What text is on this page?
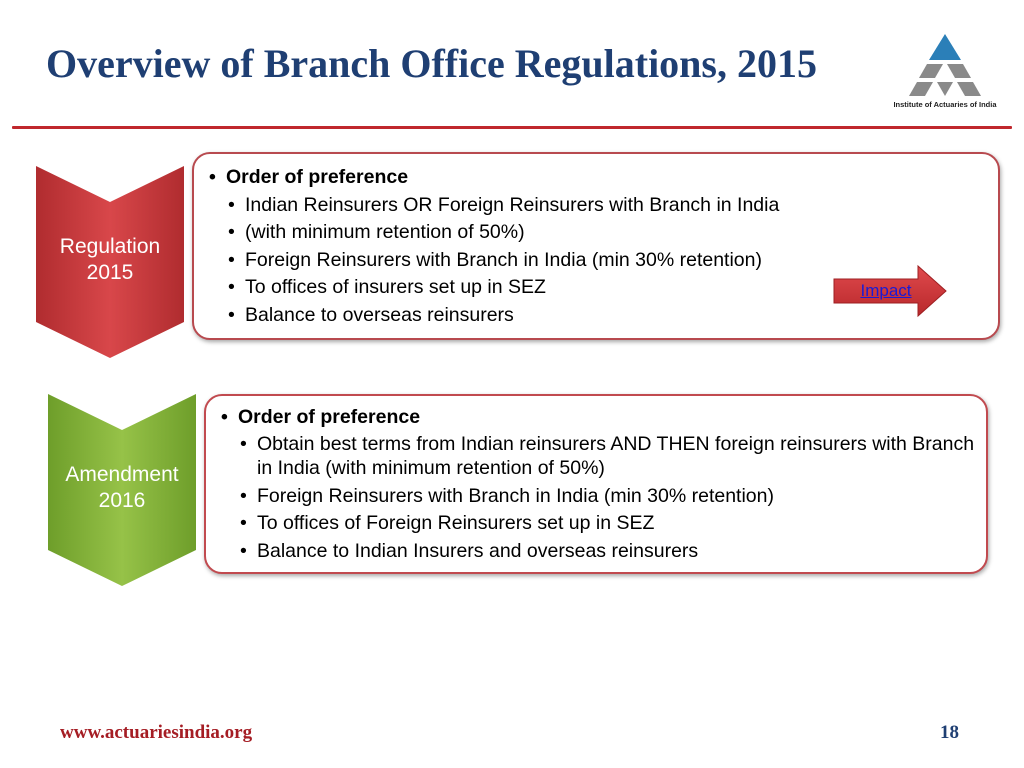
Overview of Branch Office Regulations, 2015
Institute of Actuaries of India
Regulation
2015
• Order of preference
• Indian Reinsurers OR Foreign Reinsurers with Branch in India
• (with minimum retention of 50%)
• Foreign Reinsurers with Branch in India (min 30% retention)
• To offices of insurers set up in SEZ
• Balance to overseas reinsurers
Impact
Amendment
2016
• Order of preference
• Obtain best terms from Indian reinsurers AND THEN foreign reinsurers with Branch in India (with minimum retention of 50%)
• Foreign Reinsurers with Branch in India (min 30% retention)
• To offices of Foreign Reinsurers set up in SEZ
• Balance to Indian Insurers and overseas reinsurers
www.actuariesindia.org	18
